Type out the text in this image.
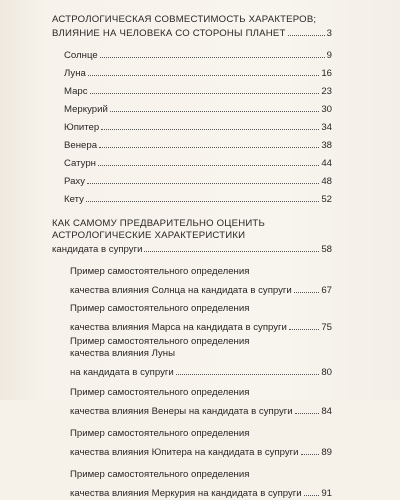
АСТРОЛОГИЧЕСКАЯ СОВМЕСТИМОСТЬ ХАРАКТЕРОВ;
ВЛИЯНИЕ НА ЧЕЛОВЕКА СО СТОРОНЫ ПЛАНЕТ	3
Солнце	9
Луна	16
Марс	23
Меркурий	30
Юпитер	34
Венера	38
Сатурн	44
Раху	48
Кету	52
КАК САМОМУ ПРЕДВАРИТЕЛЬНО ОЦЕНИТЬ
АСТРОЛОГИЧЕСКИЕ ХАРАКТЕРИСТИКИ
кандидата в супруги	58
Пример самостоятельного определения
качества влияния Солнца на кандидата в супруги	67
Пример самостоятельного определения
качества влияния Марса на кандидата в супруги	75
Пример самостоятельного определения
качества влияния Луны
на кандидата в супруги	80
Пример самостоятельного определения
качества влияния Венеры на кандидата в супруги	84
Пример самостоятельного определения
качества влияния Юпитера на кандидата в супруги 89
Пример самостоятельного определения
качества влияния Меркурия на кандидата в супруги 91
